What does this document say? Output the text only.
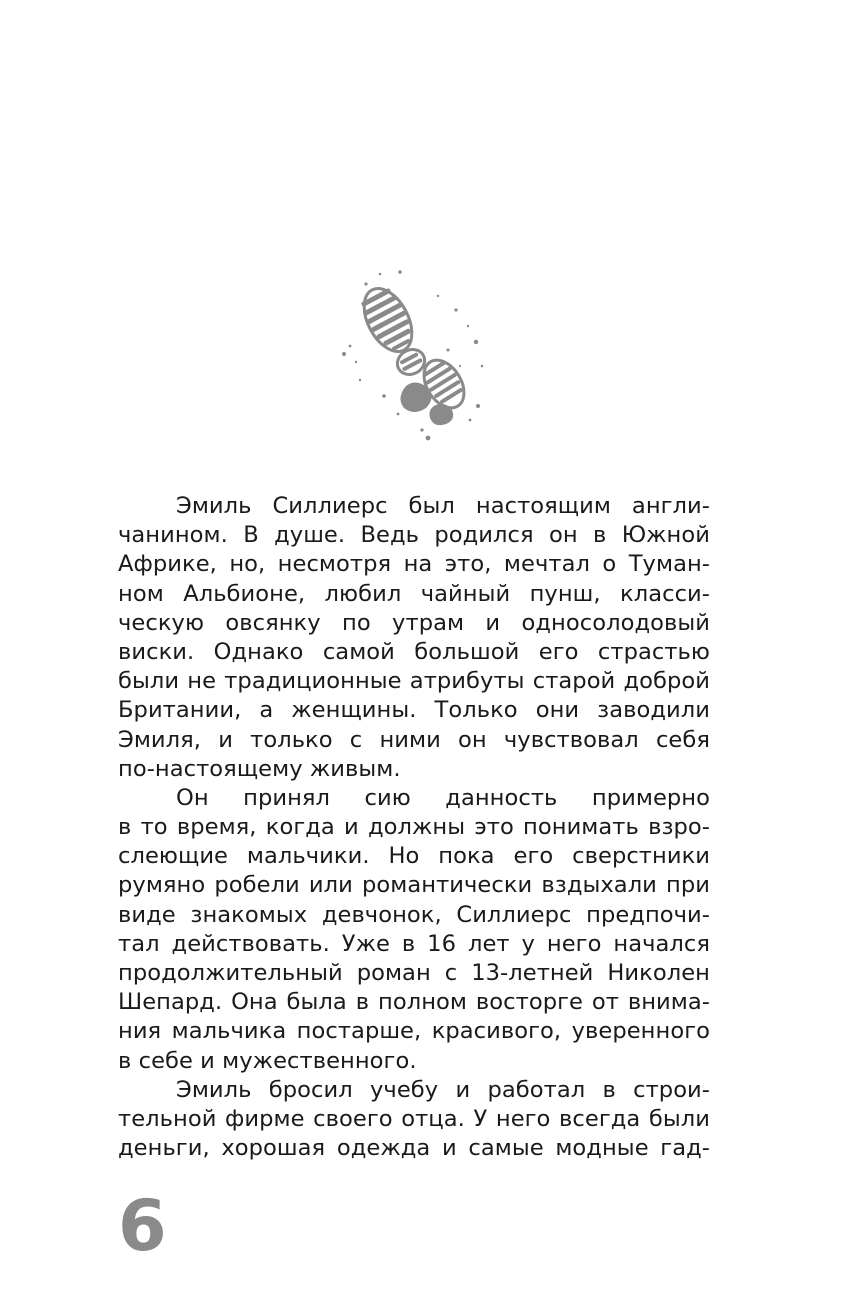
Эмиль Силлиерс был настоящим англи-
чанином. В душе. Ведь родился он в Южной
Африке, но, несмотря на это, мечтал о Туман-
ном Альбионе, любил чайный пунш, класси-
ческую овсянку по утрам и односолодовый
виски. Однако самой большой его страстью
были не традиционные атрибуты старой доброй
Британии, а женщины. Только они заводили
Эмиля, и только с ними он чувствовал себя
по-настоящему живым.
Он принял сию данность примерно
в то время, когда и должны это понимать взро-
слеющие мальчики. Но пока его сверстники
румяно робели или романтически вздыхали при
виде знакомых девчонок, Силлиерс предпочи-
тал действовать. Уже в 16 лет у него начался
продолжительный роман с 13-летней Николен
Шепард. Она была в полном восторге от внима-
ния мальчика постарше, красивого, уверенного
в себе и мужественного.
Эмиль бросил учебу и работал в строи-
тельной фирме своего отца. У него всегда были
деньги, хорошая одежда и самые модные гад-
6
